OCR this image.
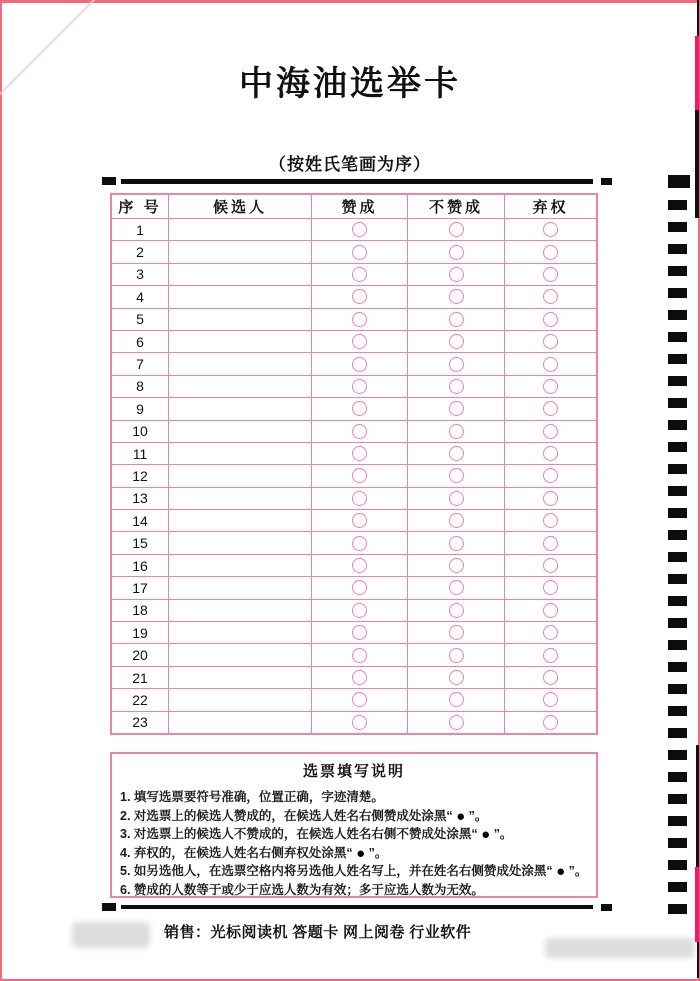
中海油选举卡
（按姓氏笔画为序）
序 号	候选人	赞成	不赞成	弃权
1
2
3
4
5
6
7
8
9
10
11
12
13
14
15
16
17
18
19
20
21
22
23
选票填写说明
1. 填写选票要符号准确，位置正确，字迹清楚。
2. 对选票上的候选人赞成的，在候选人姓名右侧赞成处涂黑“ ● ”。
3. 对选票上的候选人不赞成的，在候选人姓名右侧不赞成处涂黑“ ● ”。
4. 弃权的，在候选人姓名右侧弃权处涂黑“ ● ”。
5. 如另选他人，在选票空格内将另选他人姓名写上，并在姓名右侧赞成处涂黑“ ● ”。
6. 赞成的人数等于或少于应选人数为有效；多于应选人数为无效。
销售：光标阅读机 答题卡 网上阅卷 行业软件
